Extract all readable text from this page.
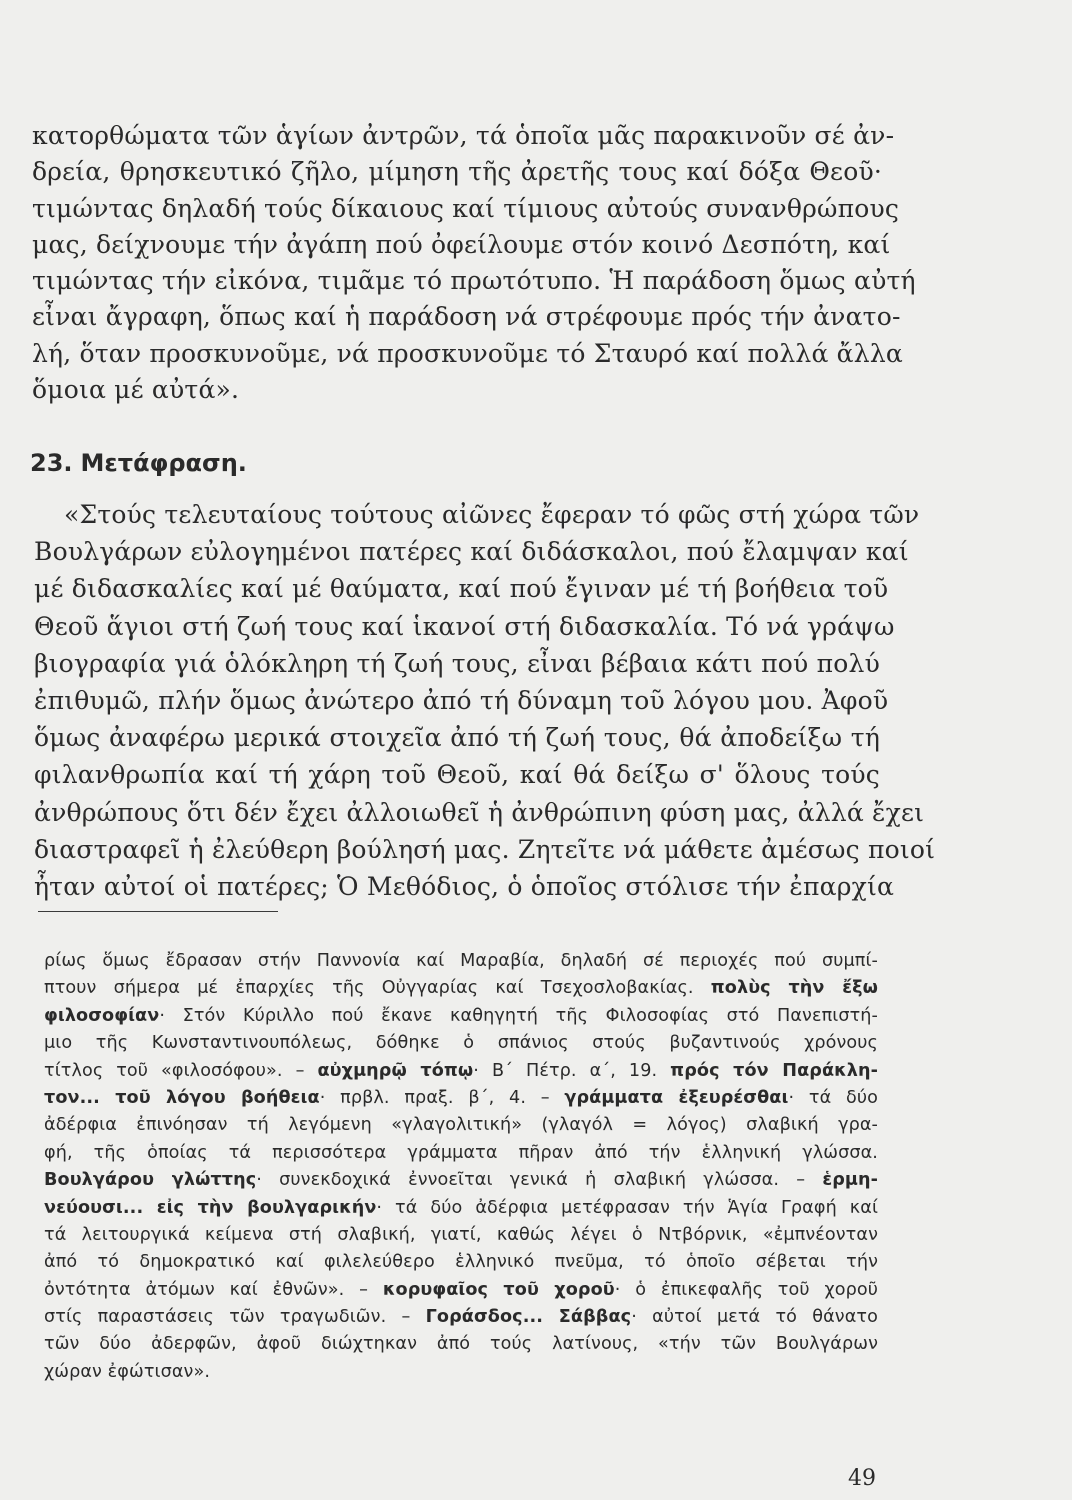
κατορθώματα τῶν ἁγίων ἀντρῶν, τά ὁποῖα μᾶς παρακινοῦν σέ ἀν-
δρεία, θρησκευτικό ζῆλο, μίμηση τῆς ἀρετῆς τους καί δόξα Θεοῦ·
τιμώντας δηλαδή τούς δίκαιους καί τίμιους αὐτούς συνανθρώπους
μας, δείχνουμε τήν ἀγάπη πού ὀφείλουμε στόν κοινό Δεσπότη, καί
τιμώντας τήν εἰκόνα, τιμᾶμε τό πρωτότυπο. Ἡ παράδοση ὅμως αὐτή
εἶναι ἄγραφη, ὅπως καί ἡ παράδοση νά στρέφουμε πρός τήν ἀνατο-
λή, ὅταν προσκυνοῦμε, νά προσκυνοῦμε τό Σταυρό καί πολλά ἄλλα
ὅμοια μέ αὐτά».
23. Μετάφραση.
«Στούς τελευταίους τούτους αἰῶνες ἔφεραν τό φῶς στή χώρα τῶν
Βουλγάρων εὐλογημένοι πατέρες καί διδάσκαλοι, πού ἔλαμψαν καί
μέ διδασκαλίες καί μέ θαύματα, καί πού ἔγιναν μέ τή βοήθεια τοῦ
Θεοῦ ἅγιοι στή ζωή τους καί ἱκανοί στή διδασκαλία. Τό νά γράψω
βιογραφία γιά ὁλόκληρη τή ζωή τους, εἶναι βέβαια κάτι πού πολύ
ἐπιθυμῶ, πλήν ὅμως ἀνώτερο ἀπό τή δύναμη τοῦ λόγου μου. Ἀφοῦ
ὅμως ἀναφέρω μερικά στοιχεῖα ἀπό τή ζωή τους, θά ἀποδείξω τή
φιλανθρωπία καί τή χάρη τοῦ Θεοῦ, καί θά δείξω σ' ὅλους τούς
ἀνθρώπους ὅτι δέν ἔχει ἀλλοιωθεῖ ἡ ἀνθρώπινη φύση μας, ἀλλά ἔχει
διαστραφεῖ ἡ ἐλεύθερη βούλησή μας. Ζητεῖτε νά μάθετε ἀμέσως ποιοί
ἦταν αὐτοί οἱ πατέρες; Ὁ Μεθόδιος, ὁ ὁποῖος στόλισε τήν ἐπαρχία
ρίως ὅμως ἔδρασαν στήν Παννονία καί Μαραβία, δηλαδή σέ περιοχές πού συμπί-
πτουν σήμερα μέ ἐπαρχίες τῆς Οὐγγαρίας καί Τσεχοσλοβακίας. πολὺς τὴν ἔξω
φιλοσοφίαν· Στόν Κύριλλο πού ἔκανε καθηγητή τῆς Φιλοσοφίας στό Πανεπιστή-
μιο τῆς Κωνσταντινουπόλεως, δόθηκε ὁ σπάνιος στούς βυζαντινούς χρόνους
τίτλος τοῦ «φιλοσόφου». – αὐχμηρῷ τόπῳ· Β΄ Πέτρ. α΄, 19. πρός τόν Παράκλη-
τον... τοῦ λόγου βοήθεια· πρβλ. πραξ. β΄, 4. – γράμματα ἐξευρέσθαι· τά δύο
ἀδέρφια ἐπινόησαν τή λεγόμενη «γλαγολιτική» (γλαγόλ = λόγος) σλαβική γρα-
φή, τῆς ὁποίας τά περισσότερα γράμματα πῆραν ἀπό τήν ἑλληνική γλώσσα.
Βουλγάρου γλώττης· συνεκδοχικά ἐννοεῖται γενικά ἡ σλαβική γλώσσα. – ἑρμη-
νεύουσι... εἰς τὴν βουλγαρικήν· τά δύο ἀδέρφια μετέφρασαν τήν Ἁγία Γραφή καί
τά λειτουργικά κείμενα στή σλαβική, γιατί, καθώς λέγει ὁ Ντβόρνικ, «ἐμπνέονταν
ἀπό τό δημοκρατικό καί φιλελεύθερο ἑλληνικό πνεῦμα, τό ὁποῖο σέβεται τήν
ὀντότητα ἀτόμων καί ἐθνῶν». – κορυφαῖος τοῦ χοροῦ· ὁ ἐπικεφαλῆς τοῦ χοροῦ
στίς παραστάσεις τῶν τραγωδιῶν. – Γοράσδος... Σάββας· αὐτοί μετά τό θάνατο
τῶν δύο ἀδερφῶν, ἀφοῦ διώχτηκαν ἀπό τούς λατίνους, «τήν τῶν Βουλγάρων
χώραν ἐφώτισαν».
49
